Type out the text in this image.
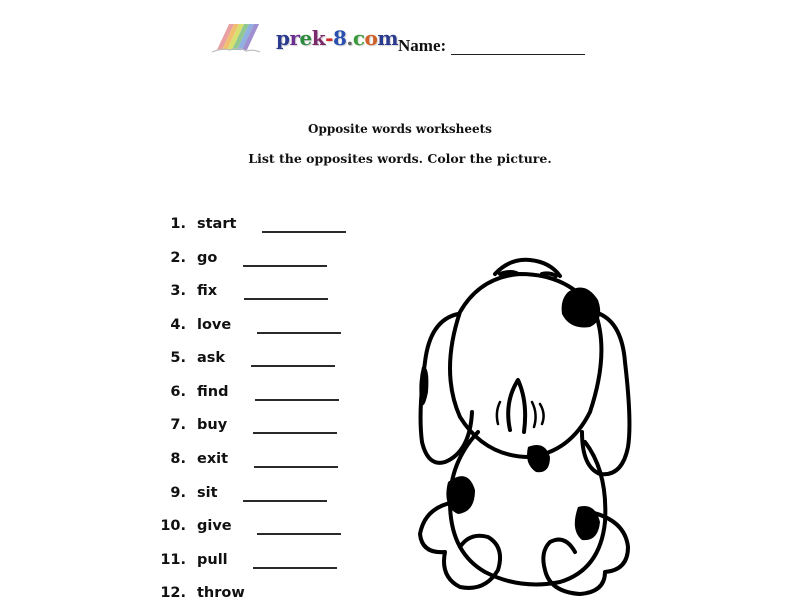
prek-8.com Name:
Opposite words worksheets
List the opposites words. Color the picture.
1. start
2. go
3. fix
4. love
5. ask
6. find
7. buy
8. exit
9. sit
10. give
11. pull
12. throw
